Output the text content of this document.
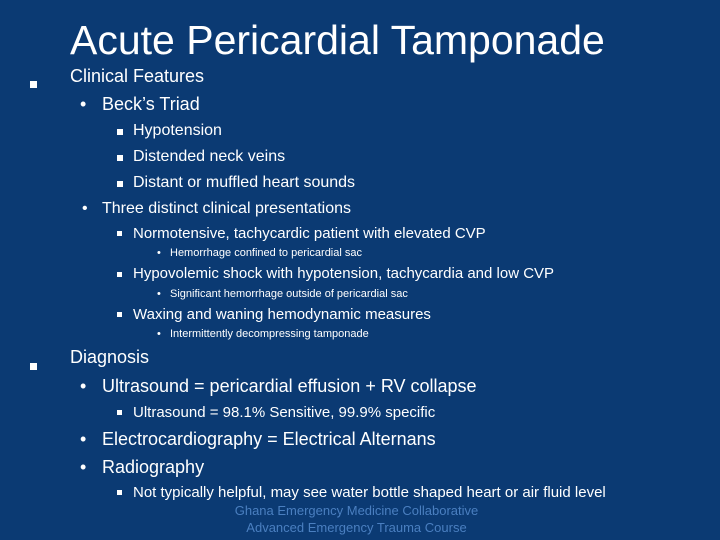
Acute Pericardial Tamponade
Clinical Features
• Beck’s Triad
Hypotension
Distended neck veins
Distant or muffled heart sounds
• Three distinct clinical presentations
Normotensive, tachycardic patient with elevated CVP
• Hemorrhage confined to pericardial sac
Hypovolemic shock with hypotension, tachycardia and low CVP
• Significant hemorrhage outside of pericardial sac
Waxing and waning hemodynamic measures
• Intermittently decompressing tamponade
Diagnosis
• Ultrasound = pericardial effusion + RV collapse
Ultrasound = 98.1% Sensitive, 99.9% specific
• Electrocardiography = Electrical Alternans
• Radiography
Not typically helpful, may see water bottle shaped heart or air fluid level
Ghana Emergency Medicine Collaborative
Advanced Emergency Trauma Course
